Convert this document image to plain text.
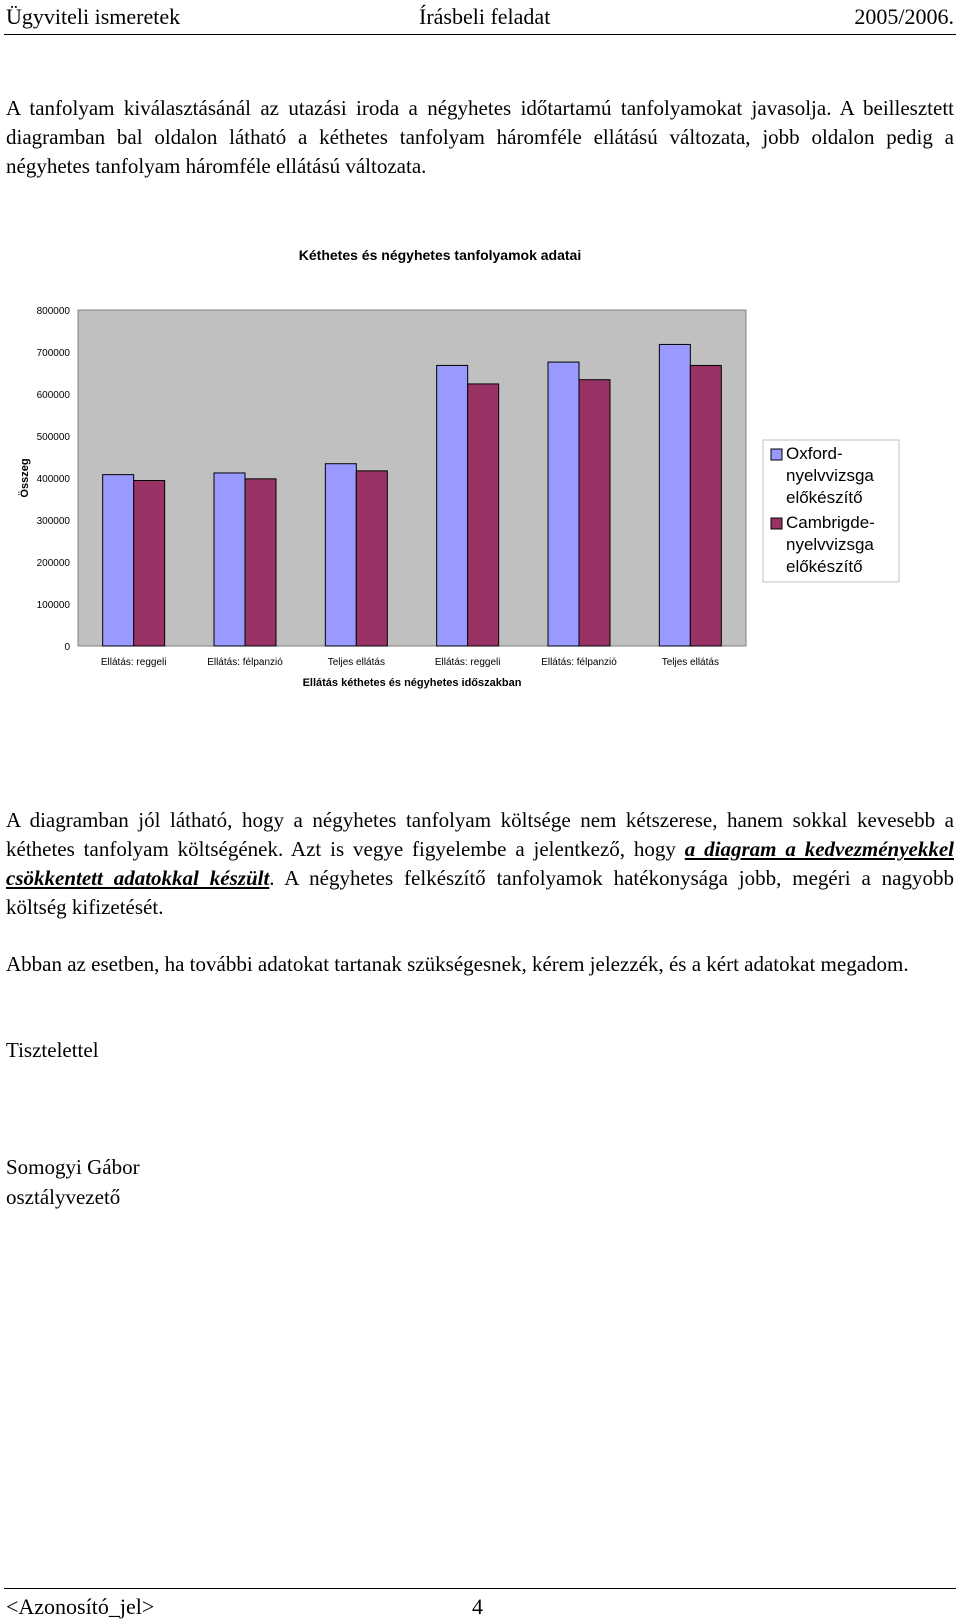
Ügyviteli ismeretek	Írásbeli feladat	2005/2006.

A tanfolyam kiválasztásánál az utazási iroda a négyhetes időtartamú tanfolyamokat javasolja. A beillesztett diagramban bal oldalon látható a kéthetes tanfolyam háromféle ellátású változata, jobb oldalon pedig a négyhetes tanfolyam háromféle ellátású változata.

Kéthetes és négyhetes tanfolyamok adatai
0
100000
200000
300000
400000
500000
600000
700000
800000
Összeg
Ellátás: reggeli	Ellátás: félpanzió	Teljes ellátás	Ellátás: reggeli	Ellátás: félpanzió	Teljes ellátás
Ellátás kéthetes és négyhetes időszakban
Oxford- nyelvvizsga előkészítő
Cambrigde- nyelvvizsga előkészítő

A diagramban jól látható, hogy a négyhetes tanfolyam költsége nem kétszerese, hanem sokkal kevesebb a kéthetes tanfolyam költségének. Azt is vegye figyelembe a jelentkező, hogy a diagram a kedvezményekkel csökkentett adatokkal készült. A négyhetes felkészítő tanfolyamok hatékonysága jobb, megéri a nagyobb költség kifizetését.

Abban az esetben, ha további adatokat tartanak szükségesnek, kérem jelezzék, és a kért adatokat megadom.

Tisztelettel

Somogyi Gábor
osztályvezető
<Azonosító_jel>	4
